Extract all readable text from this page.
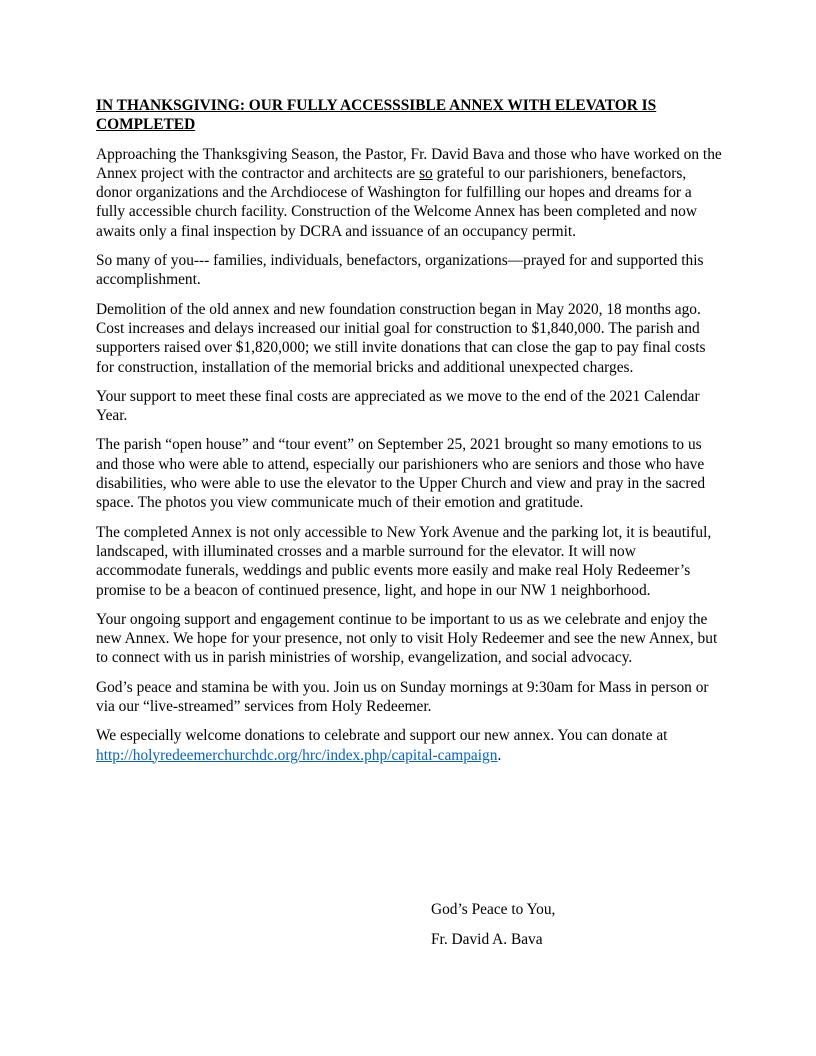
IN THANKSGIVING: OUR FULLY ACCESSSIBLE ANNEX WITH ELEVATOR IS COMPLETED

Approaching the Thanksgiving Season, the Pastor, Fr. David Bava and those who have worked on the Annex project with the contractor and architects are so grateful to our parishioners, benefactors, donor organizations and the Archdiocese of Washington for fulfilling our hopes and dreams for a fully accessible church facility. Construction of the Welcome Annex has been completed and now awaits only a final inspection by DCRA and issuance of an occupancy permit.

So many of you--- families, individuals, benefactors, organizations—prayed for and supported this accomplishment.

Demolition of the old annex and new foundation construction began in May 2020, 18 months ago. Cost increases and delays increased our initial goal for construction to $1,840,000. The parish and supporters raised over $1,820,000; we still invite donations that can close the gap to pay final costs for construction, installation of the memorial bricks and additional unexpected charges.

Your support to meet these final costs are appreciated as we move to the end of the 2021 Calendar Year.

The parish “open house” and “tour event” on September 25, 2021 brought so many emotions to us and those who were able to attend, especially our parishioners who are seniors and those who have disabilities, who were able to use the elevator to the Upper Church and view and pray in the sacred space. The photos you view communicate much of their emotion and gratitude.

The completed Annex is not only accessible to New York Avenue and the parking lot, it is beautiful, landscaped, with illuminated crosses and a marble surround for the elevator. It will now accommodate funerals, weddings and public events more easily and make real Holy Redeemer’s promise to be a beacon of continued presence, light, and hope in our NW 1 neighborhood.

Your ongoing support and engagement continue to be important to us as we celebrate and enjoy the new Annex. We hope for your presence, not only to visit Holy Redeemer and see the new Annex, but to connect with us in parish ministries of worship, evangelization, and social advocacy.

God’s peace and stamina be with you. Join us on Sunday mornings at 9:30am for Mass in person or via our “live-streamed” services from Holy Redeemer.

We especially welcome donations to celebrate and support our new annex. You can donate at
http://holyredeemerchurchdc.org/hrc/index.php/capital-campaign.

God’s Peace to You,

Fr. David A. Bava
